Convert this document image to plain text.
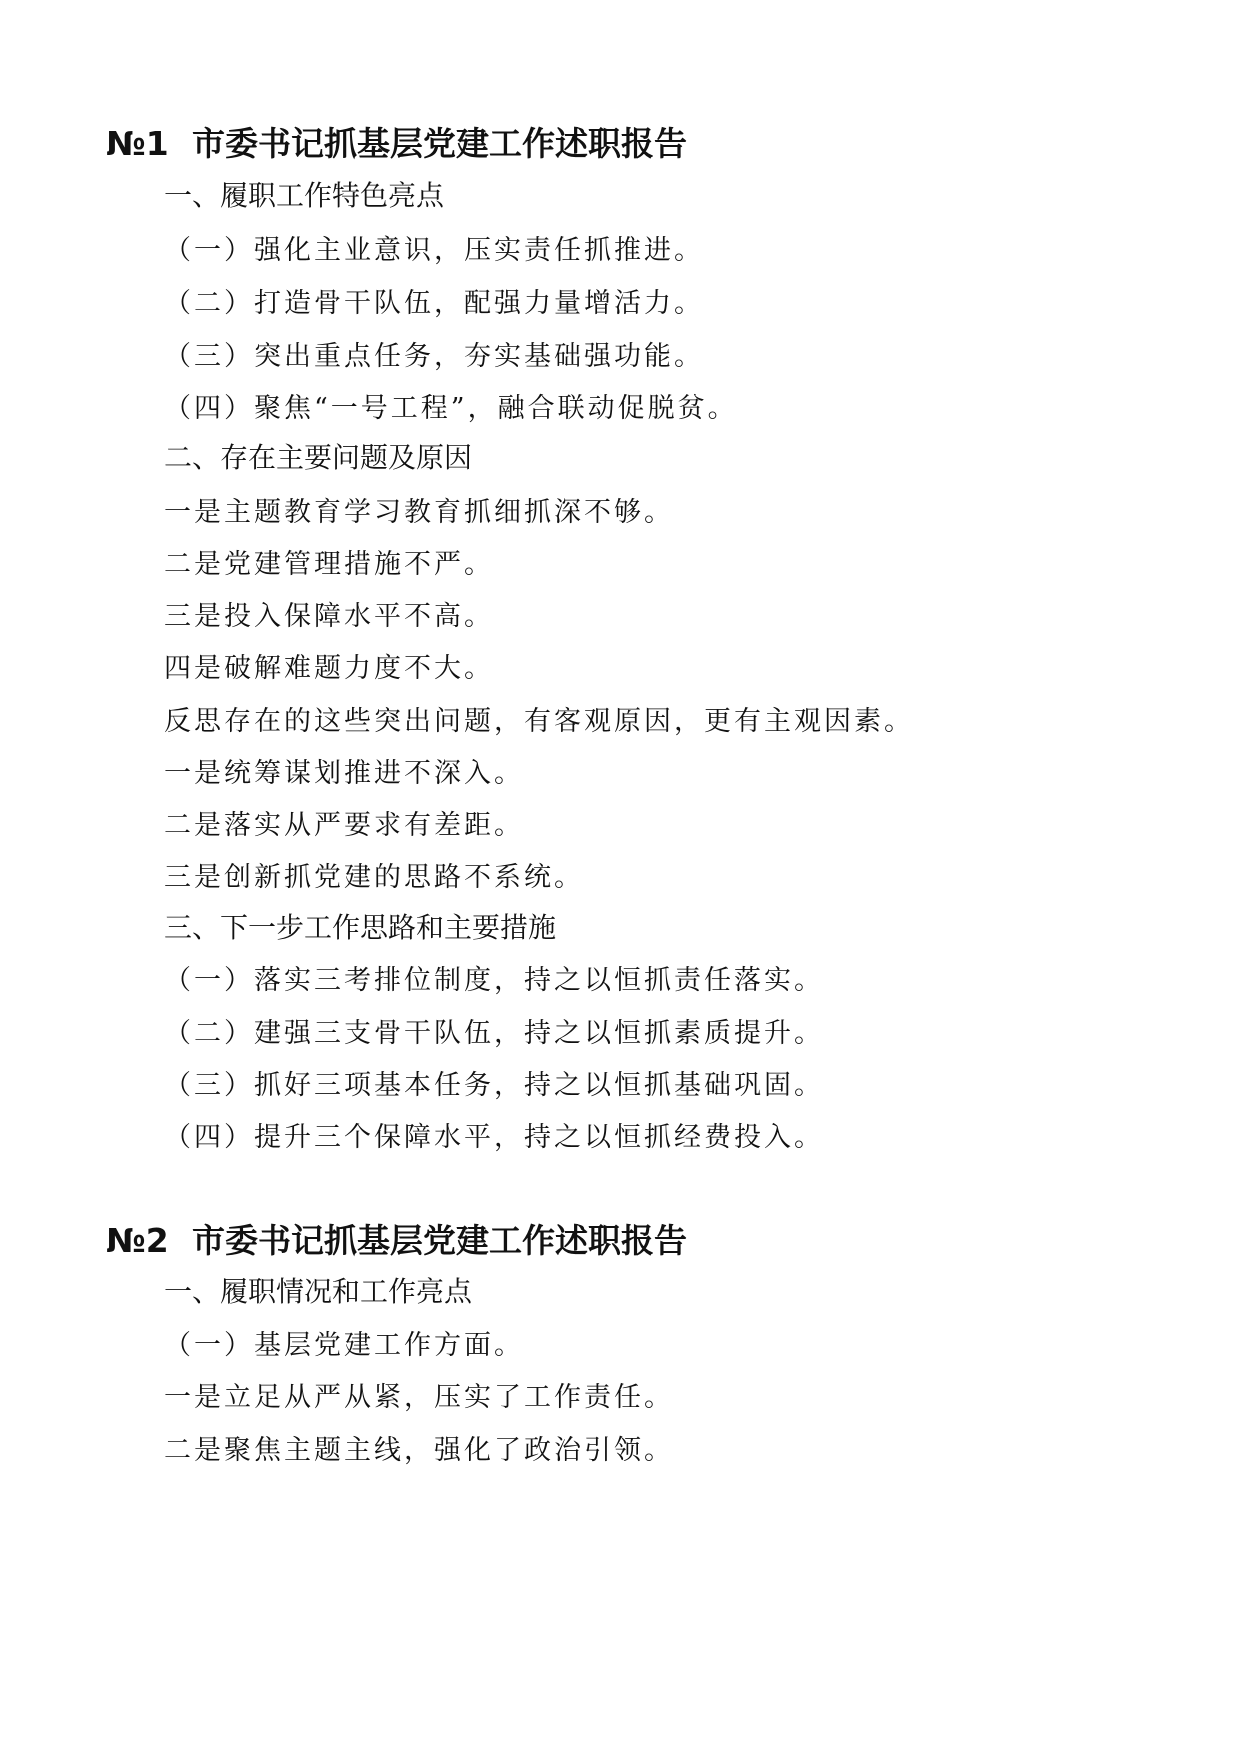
№1 市委书记抓基层党建工作述职报告
一、履职工作特色亮点
（一）强化主业意识，压实责任抓推进。
（二）打造骨干队伍，配强力量增活力。
（三）突出重点任务，夯实基础强功能。
（四）聚焦“一号工程”，融合联动促脱贫。
二、存在主要问题及原因
一是主题教育学习教育抓细抓深不够。
二是党建管理措施不严。
三是投入保障水平不高。
四是破解难题力度不大。
反思存在的这些突出问题，有客观原因，更有主观因素。
一是统筹谋划推进不深入。
二是落实从严要求有差距。
三是创新抓党建的思路不系统。
三、下一步工作思路和主要措施
（一）落实三考排位制度，持之以恒抓责任落实。
（二）建强三支骨干队伍，持之以恒抓素质提升。
（三）抓好三项基本任务，持之以恒抓基础巩固。
（四）提升三个保障水平，持之以恒抓经费投入。
№2 市委书记抓基层党建工作述职报告
一、履职情况和工作亮点
（一）基层党建工作方面。
一是立足从严从紧，压实了工作责任。
二是聚焦主题主线，强化了政治引领。
